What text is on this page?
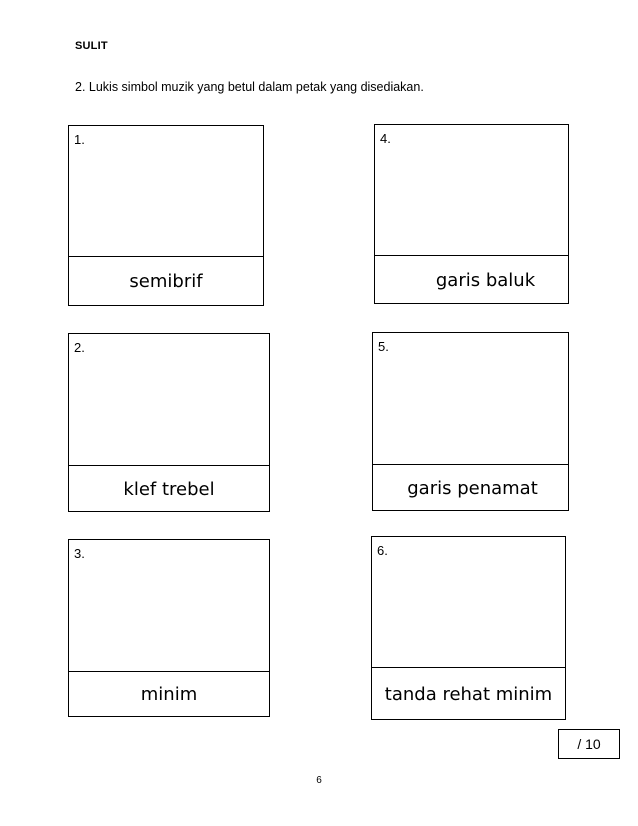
SULIT
2. Lukis simbol muzik yang betul dalam petak yang disediakan.
1.
semibrif
2.
klef trebel
3.
minim
4.
garis baluk
5.
garis penamat
6.
tanda rehat minim
/ 10
6
